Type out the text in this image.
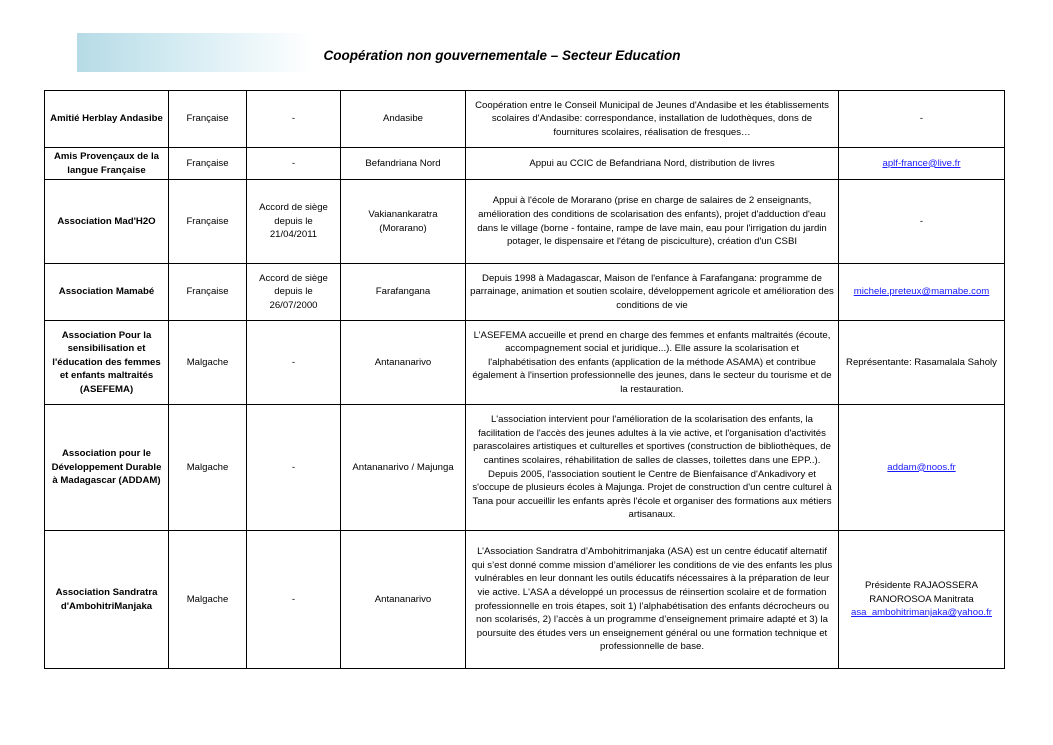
Coopération non gouvernementale – Secteur Education
Amitié Herblay Andasibe	Française	-	Andasibe	Coopération entre le Conseil Municipal de Jeunes d'Andasibe et les établissements scolaires d'Andasibe: correspondance, installation de ludothèques, dons de fournitures scolaires, réalisation de fresques…	-

Amis Provençaux de la langue Française	Française	-	Befandriana Nord	Appui au CCIC de Befandriana Nord, distribution de livres	aplf-france@live.fr
Association Mad'H2O	Française	Accord de siège depuis le 21/04/2011	Vakianankaratra (Morarano)	Appui à l'école de Morarano (prise en charge de salaires de 2 enseignants, amélioration des conditions de scolarisation des enfants), projet d'adduction d'eau dans le village (borne - fontaine, rampe de lave main, eau pour l'irrigation du jardin potager, le dispensaire et l'étang de pisciculture), création d'un CSBI	-

Association Mamabé	Française	Accord de siège depuis le 26/07/2000	Farafangana	Depuis 1998 à Madagascar, Maison de l'enfance à Farafangana: programme de parrainage, animation et soutien scolaire, développement agricole et amélioration des conditions de vie	michele.preteux@mamabe.com
Association Pour la sensibilisation et l'éducation des femmes et enfants maltraités (ASEFEMA)	Malgache	-	Antananarivo	L’ASEFEMA accueille et prend en charge des femmes et enfants maltraités (écoute, accompagnement social et juridique...). Elle assure la scolarisation et l'alphabétisation des enfants (application de la méthode ASAMA) et contribue également à l'insertion professionnelle des jeunes, dans le secteur du tourisme et de la restauration.	Représentante: Rasamalala Saholy

Association pour le Développement Durable à Madagascar (ADDAM)	Malgache	-	Antananarivo / Majunga	L'association intervient pour l'amélioration de la scolarisation des enfants, la facilitation de l'accès des jeunes adultes à la vie active, et l'organisation d'activités parascolaires artistiques et culturelles et sportives (construction de bibliothèques, de cantines scolaires, réhabilitation de salles de classes, toilettes dans une EPP..). Depuis 2005, l'association soutient le Centre de Bienfaisance d'Ankadivory et s'occupe de plusieurs écoles à Majunga. Projet de construction d'un centre culturel à Tana pour accueillir les enfants après l'école et organiser des formations aux métiers artisanaux.	addam@noos.fr
Association Sandratra d'AmbohitriManjaka	Malgache	-	Antananarivo	L’Association Sandratra d’Ambohitrimanjaka (ASA) est un centre éducatif alternatif qui s’est donné comme mission d’améliorer les conditions de vie des enfants les plus vulnérables en leur donnant les outils éducatifs nécessaires à la préparation de leur vie active. L'ASA a développé un processus de réinsertion scolaire et de formation professionnelle en trois étapes, soit 1) l’alphabétisation des enfants décrocheurs ou non scolarisés, 2) l’accès à un programme d’enseignement primaire adapté et 3) la poursuite des études vers un enseignement général ou une formation technique et professionnelle de base.	Présidente RAJAOSSERA RANOROSOA Manitrata
asa_ambohitrimanjaka@yahoo.fr
